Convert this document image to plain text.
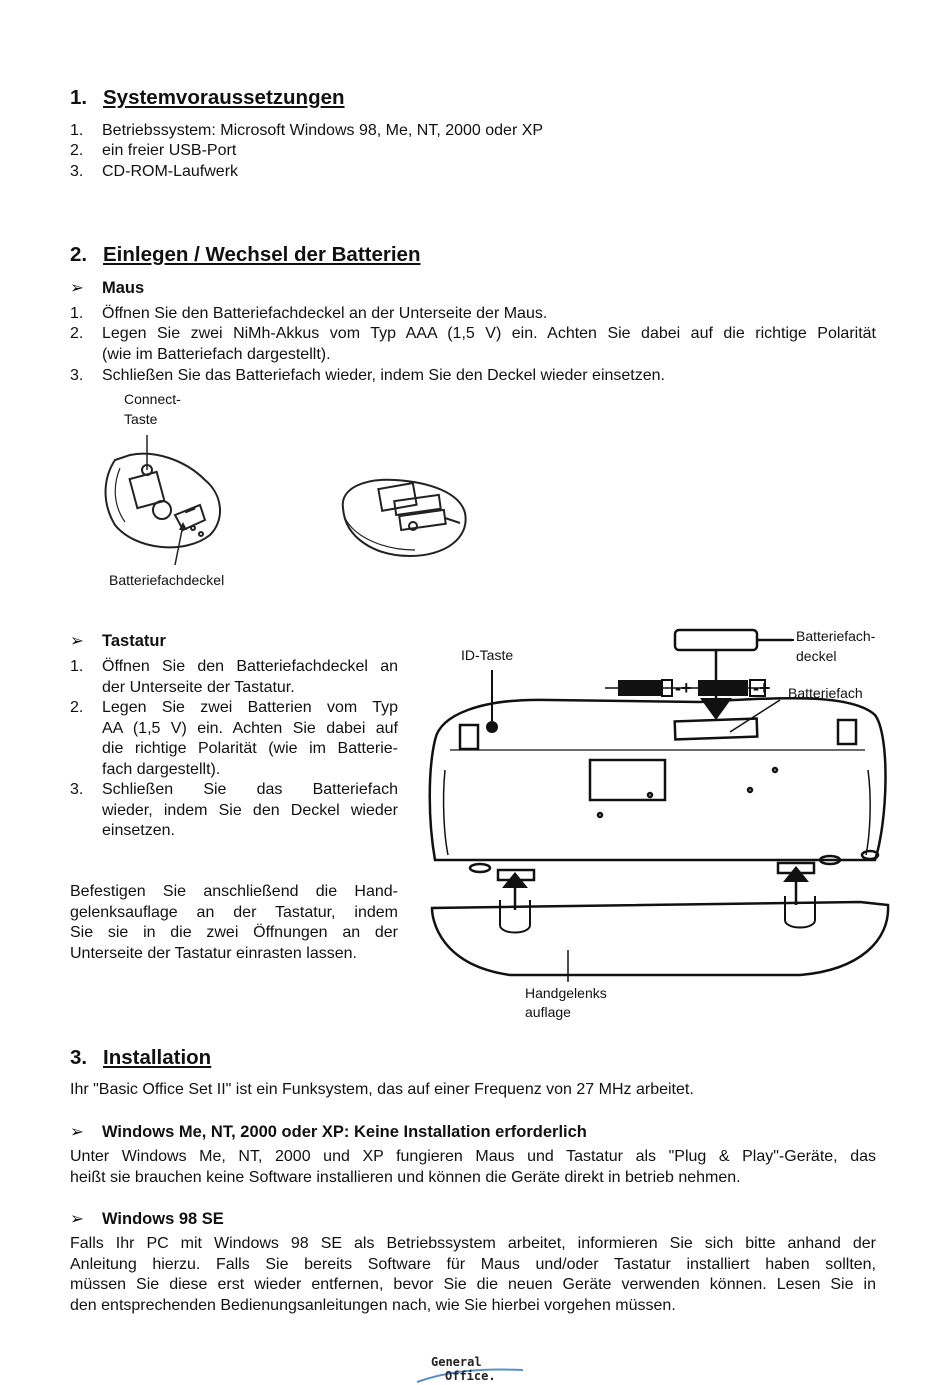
1. Systemvoraussetzungen
1. Betriebssystem: Microsoft Windows 98, Me, NT, 2000 oder XP
2. ein freier USB-Port
3. CD-ROM-Laufwerk
2. Einlegen / Wechsel der Batterien
➢ Maus
1. Öffnen Sie den Batteriefachdeckel an der Unterseite der Maus.
2. Legen Sie zwei NiMh-Akkus vom Typ AAA (1,5 V) ein. Achten Sie dabei auf die richtige Polarität
(wie im Batteriefach dargestellt).
3. Schließen Sie das Batteriefach wieder, indem Sie den Deckel wieder einsetzen.
Connect-
Taste
Batteriefachdeckel
➢ Tastatur
1. Öffnen Sie den Batteriefachdeckel an
der Unterseite der Tastatur.
2. Legen Sie zwei Batterien vom Typ
AA (1,5 V) ein. Achten Sie dabei auf
die richtige Polarität (wie im Batterie-
fach dargestellt).
3. Schließen Sie das Batteriefach
wieder, indem Sie den Deckel wieder
einsetzen.
Befestigen Sie anschließend die Hand-
gelenksauflage an der Tastatur, indem
Sie sie in die zwei Öffnungen an der
Unterseite der Tastatur einrasten lassen.
ID-Taste
Batteriefach-
deckel
Batteriefach
Handgelenks
auflage
-+	-+
3. Installation
Ihr "Basic Office Set II" ist ein Funksystem, das auf einer Frequenz von 27 MHz arbeitet.
➢ Windows Me, NT, 2000 oder XP: Keine Installation erforderlich
Unter Windows Me, NT, 2000 und XP fungieren Maus und Tastatur als "Plug & Play"-Geräte, das
heißt sie brauchen keine Software installieren und können die Geräte direkt in betrieb nehmen.
➢ Windows 98 SE
Falls Ihr PC mit Windows 98 SE als Betriebssystem arbeitet, informieren Sie sich bitte anhand der
Anleitung hierzu. Falls Sie bereits Software für Maus und/oder Tastatur installiert haben sollten,
müssen Sie diese erst wieder entfernen, bevor Sie die neuen Geräte verwenden können. Lesen Sie in
den entsprechenden Bedienungsanleitungen nach, wie Sie hierbei vorgehen müssen.
General
Office.
